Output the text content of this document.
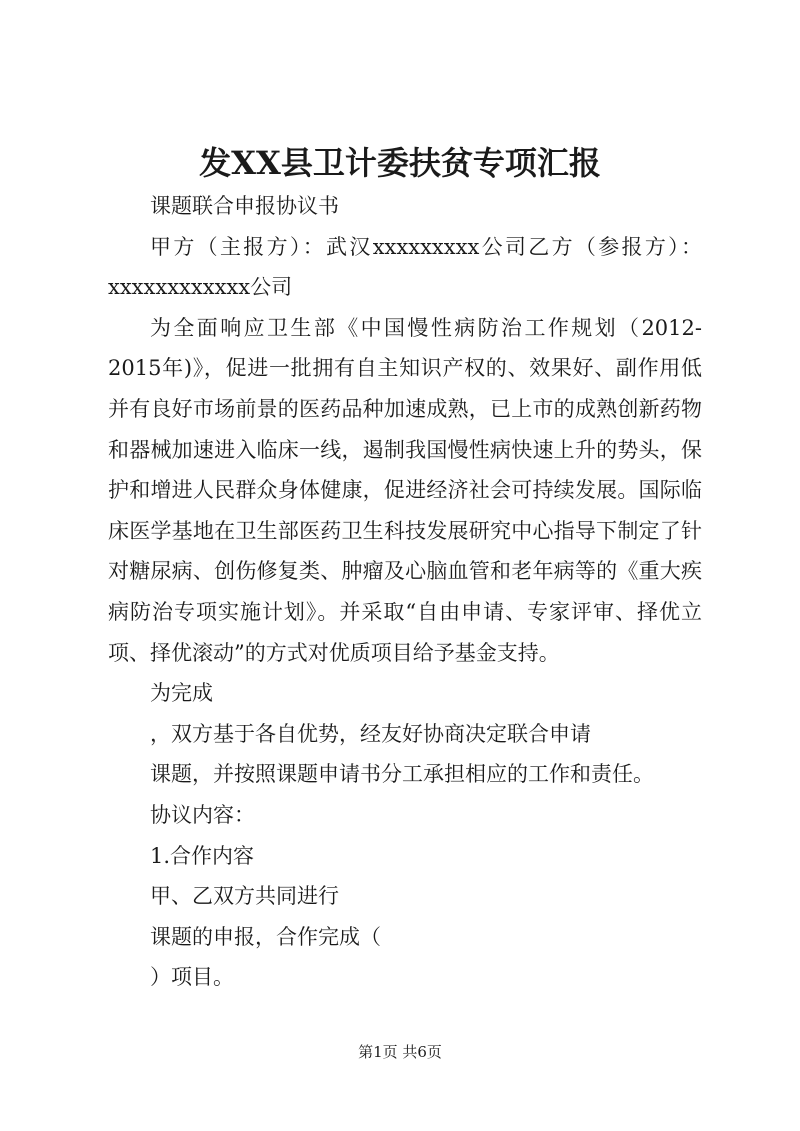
发XX县卫计委扶贫专项汇报

课题联合申报协议书

甲方（主报方）：武汉xxxxxxxxx公司乙方（参报方）：xxxxxxxxxxxx公司

为全面响应卫生部《中国慢性病防治工作规划（2012-2015年)》，促进一批拥有自主知识产权的、效果好、副作用低并有良好市场前景的医药品种加速成熟，已上市的成熟创新药物和器械加速进入临床一线，遏制我国慢性病快速上升的势头，保护和增进人民群众身体健康，促进经济社会可持续发展。国际临床医学基地在卫生部医药卫生科技发展研究中心指导下制定了针对糖尿病、创伤修复类、肿瘤及心脑血管和老年病等的《重大疾病防治专项实施计划》。并采取“自由申请、专家评审、择优立项、择优滚动”的方式对优质项目给予基金支持。

为完成

，双方基于各自优势，经友好协商决定联合申请

课题，并按照课题申请书分工承担相应的工作和责任。

协议内容：

1.合作内容

甲、乙双方共同进行

课题的申报，合作完成（

）项目。

第1页 共6页
